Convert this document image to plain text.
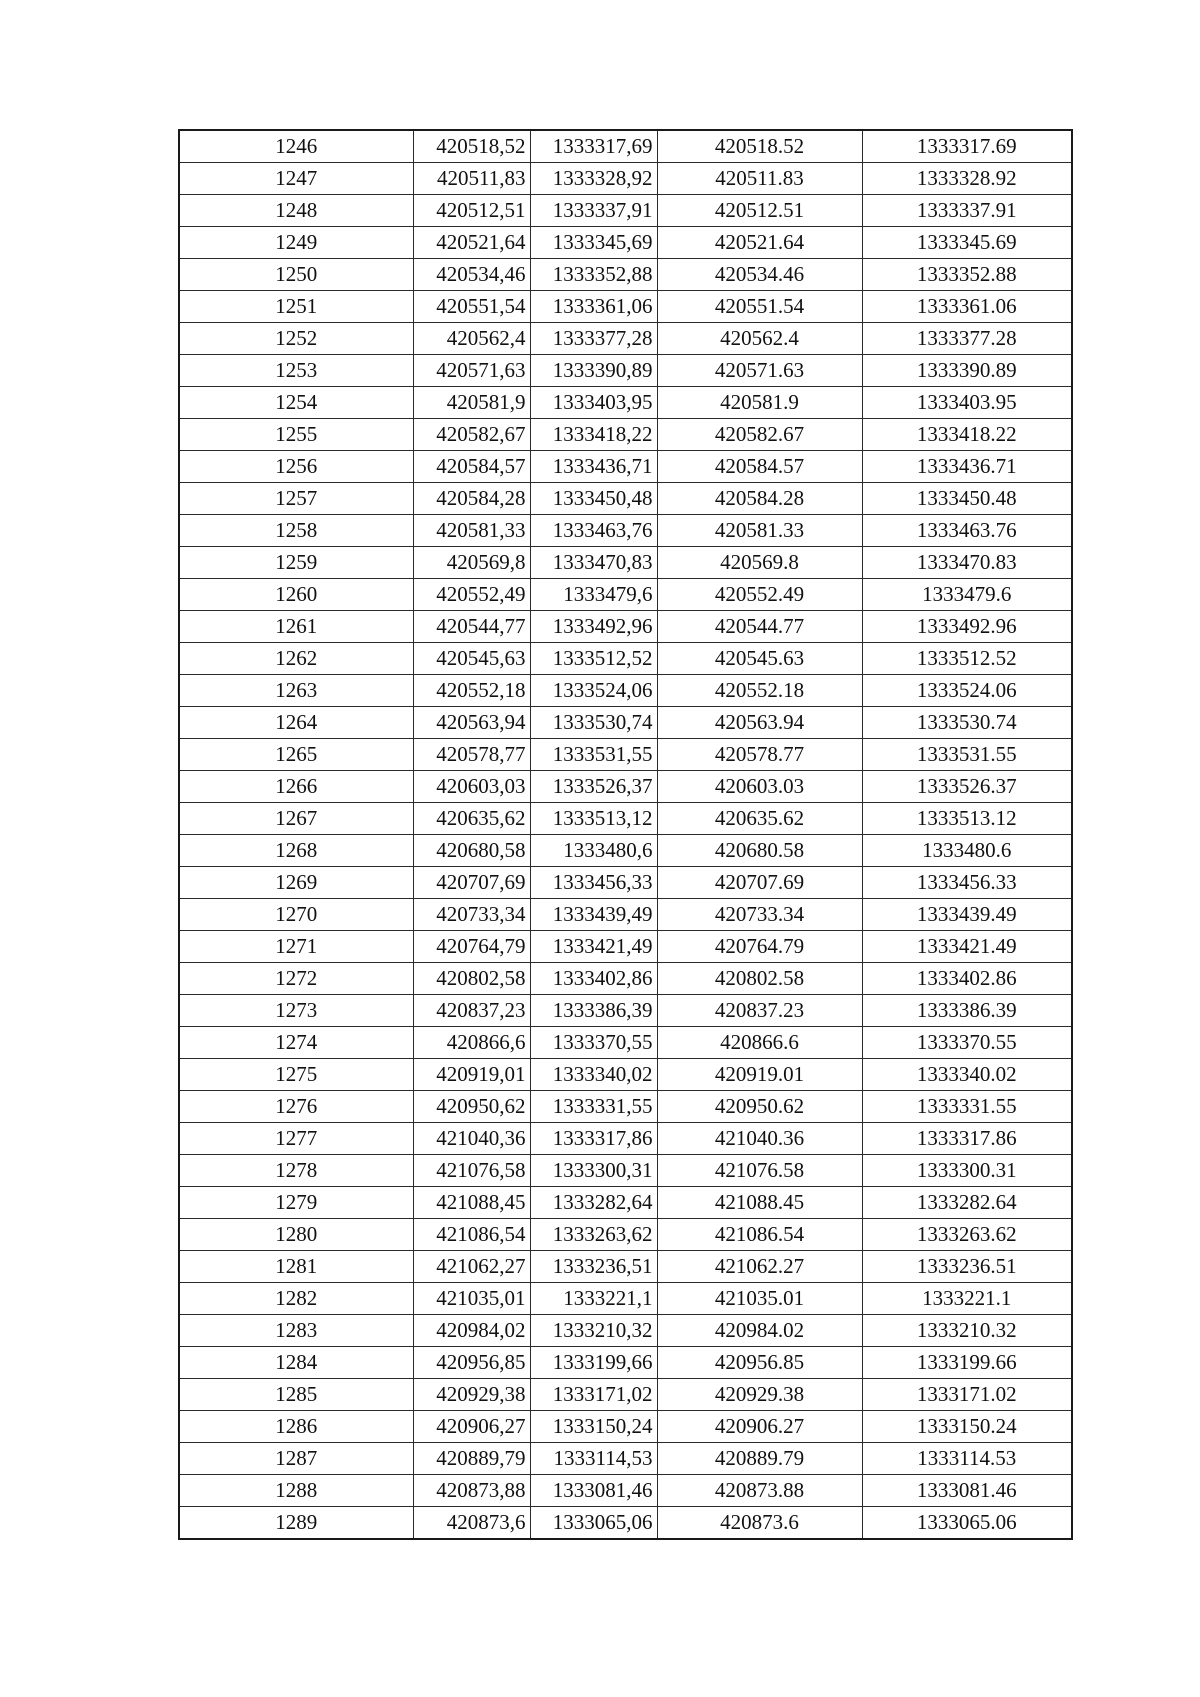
1246	420518,52	1333317,69	420518.52	1333317.69
1247	420511,83	1333328,92	420511.83	1333328.92
1248	420512,51	1333337,91	420512.51	1333337.91
1249	420521,64	1333345,69	420521.64	1333345.69
1250	420534,46	1333352,88	420534.46	1333352.88
1251	420551,54	1333361,06	420551.54	1333361.06
1252	420562,4	1333377,28	420562.4	1333377.28
1253	420571,63	1333390,89	420571.63	1333390.89
1254	420581,9	1333403,95	420581.9	1333403.95
1255	420582,67	1333418,22	420582.67	1333418.22
1256	420584,57	1333436,71	420584.57	1333436.71
1257	420584,28	1333450,48	420584.28	1333450.48
1258	420581,33	1333463,76	420581.33	1333463.76
1259	420569,8	1333470,83	420569.8	1333470.83
1260	420552,49	1333479,6	420552.49	1333479.6
1261	420544,77	1333492,96	420544.77	1333492.96
1262	420545,63	1333512,52	420545.63	1333512.52
1263	420552,18	1333524,06	420552.18	1333524.06
1264	420563,94	1333530,74	420563.94	1333530.74
1265	420578,77	1333531,55	420578.77	1333531.55
1266	420603,03	1333526,37	420603.03	1333526.37
1267	420635,62	1333513,12	420635.62	1333513.12
1268	420680,58	1333480,6	420680.58	1333480.6
1269	420707,69	1333456,33	420707.69	1333456.33
1270	420733,34	1333439,49	420733.34	1333439.49
1271	420764,79	1333421,49	420764.79	1333421.49
1272	420802,58	1333402,86	420802.58	1333402.86
1273	420837,23	1333386,39	420837.23	1333386.39
1274	420866,6	1333370,55	420866.6	1333370.55
1275	420919,01	1333340,02	420919.01	1333340.02
1276	420950,62	1333331,55	420950.62	1333331.55
1277	421040,36	1333317,86	421040.36	1333317.86
1278	421076,58	1333300,31	421076.58	1333300.31
1279	421088,45	1333282,64	421088.45	1333282.64
1280	421086,54	1333263,62	421086.54	1333263.62
1281	421062,27	1333236,51	421062.27	1333236.51
1282	421035,01	1333221,1	421035.01	1333221.1
1283	420984,02	1333210,32	420984.02	1333210.32
1284	420956,85	1333199,66	420956.85	1333199.66
1285	420929,38	1333171,02	420929.38	1333171.02
1286	420906,27	1333150,24	420906.27	1333150.24
1287	420889,79	1333114,53	420889.79	1333114.53
1288	420873,88	1333081,46	420873.88	1333081.46
1289	420873,6	1333065,06	420873.6	1333065.06
